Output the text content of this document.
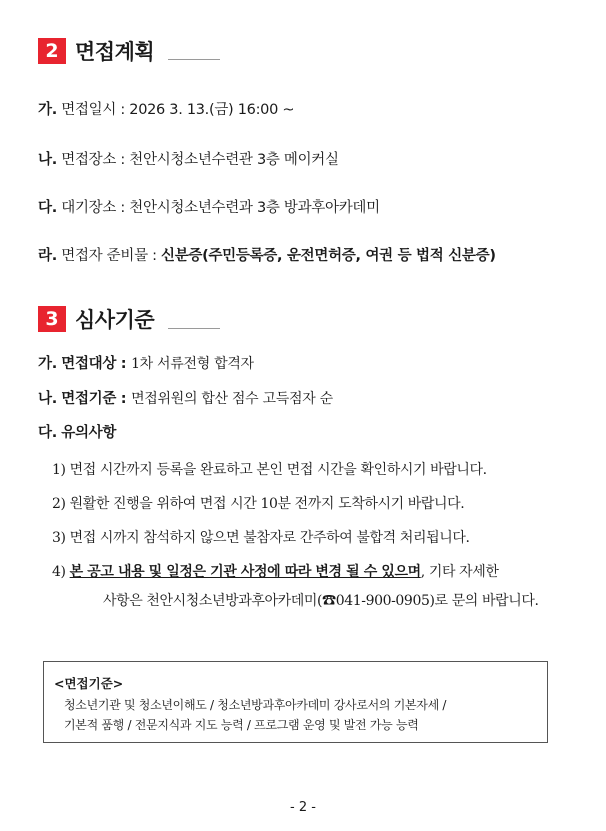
2 면접계획
가. 면접일시 : 2026 3. 13.(금) 16:00 ~
나. 면접장소 : 천안시청소년수련관 3층 메이커실
다. 대기장소 : 천안시청소년수련과 3층 방과후아카데미
라. 면접자 준비물 : 신분증(주민등록증, 운전면허증, 여권 등 법적 신분증)
3 심사기준
가. 면접대상 : 1차 서류전형 합격자
나. 면접기준 : 면접위원의 합산 점수 고득점자 순
다. 유의사항
1) 면접 시간까지 등록을 완료하고 본인 면접 시간을 확인하시기 바랍니다.
2) 원활한 진행을 위하여 면접 시간 10분 전까지 도착하시기 바랍니다.
3) 면접 시까지 참석하지 않으면 불참자로 간주하여 불합격 처리됩니다.
4) 본 공고 내용 및 일정은 기관 사정에 따라 변경 될 수 있으며, 기타 자세한
사항은 천안시청소년방과후아카데미(☎041-900-0905)로 문의 바랍니다.
<면접기준>
청소년기관 및 청소년이해도 / 청소년방과후아카데미 강사로서의 기본자세 /
기본적 품행 / 전문지식과 지도 능력 / 프로그램 운영 및 발전 가능 능력
- 2 -
